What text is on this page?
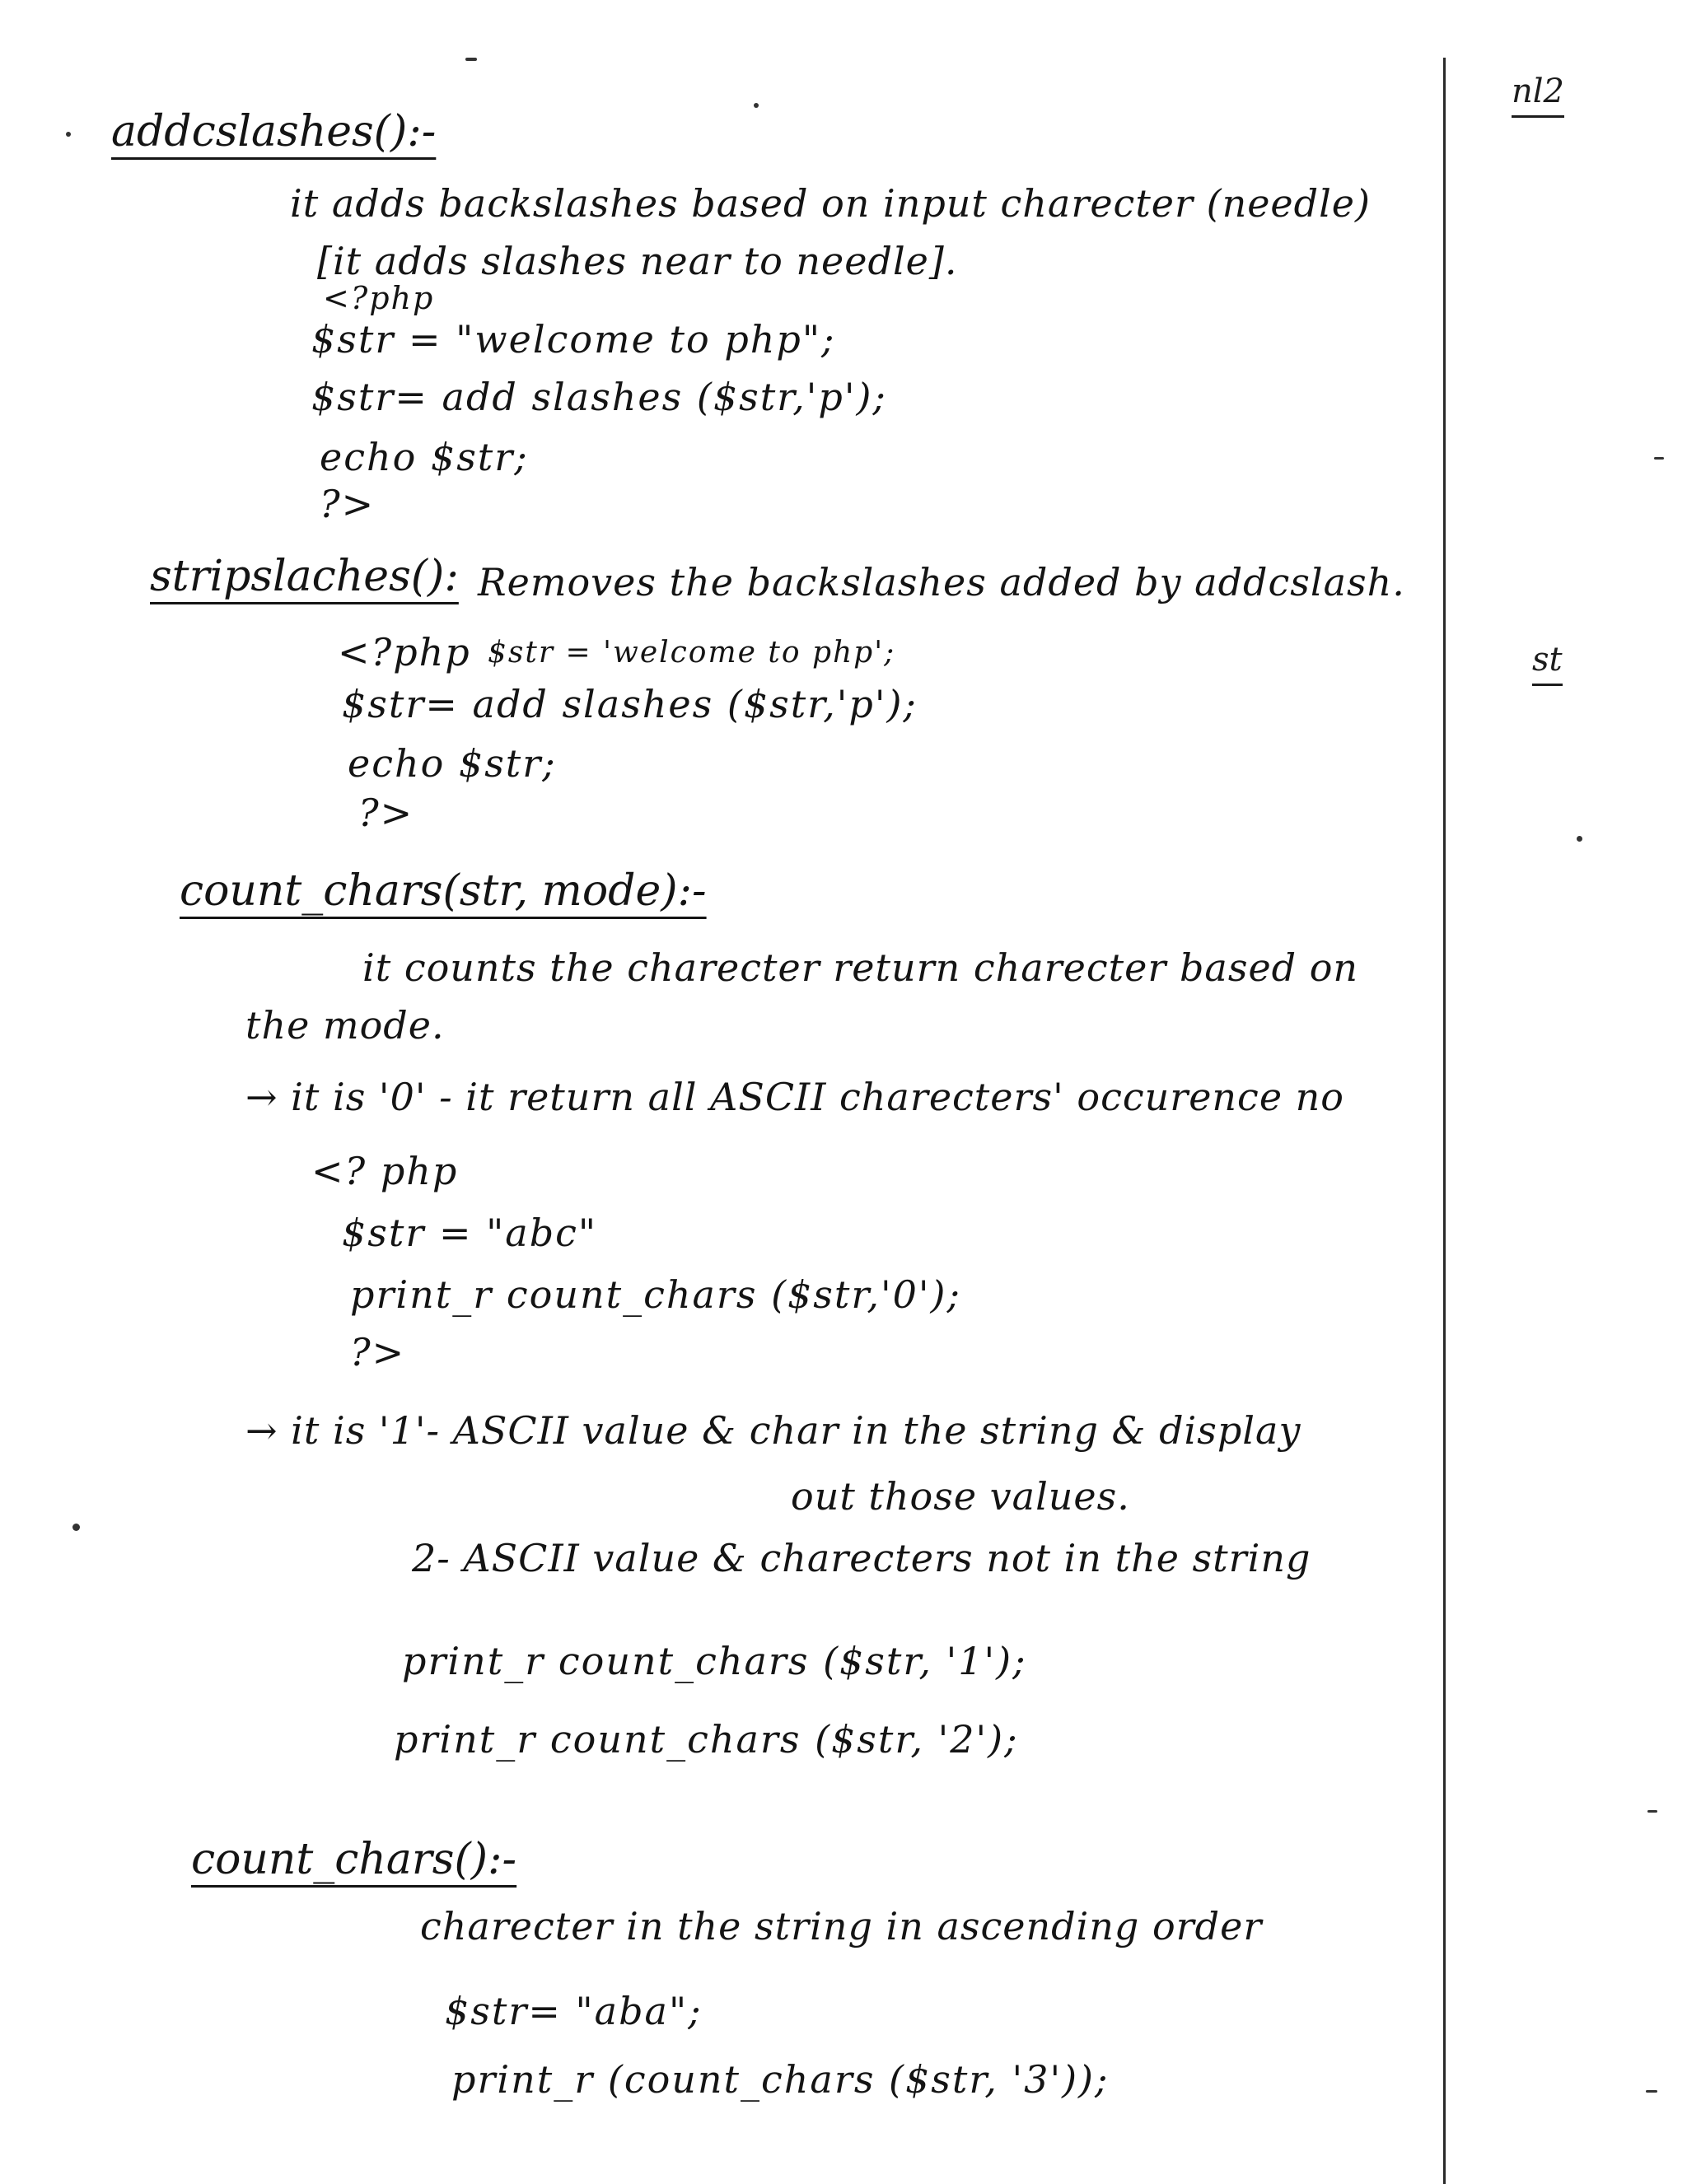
nl2
st
addcslashes():-
it adds backslashes based on input charecter (needle)
[it adds slashes near to needle].
<?php
$str = "welcome to php";
$str= add slashes ($str,'p');
echo $str;
?>
stripslaches(): Removes the backslashes added by addcslash.
<?php $str = 'welcome to php';
$str= add slashes ($str,'p');
echo $str;
?>
count_chars(str, mode):-
it counts the charecter return charecter based on
the mode.
→ it is '0' - it return all ASCII charecters' occurence no
<? php
$str = "abc"
print_r count_chars ($str,'0');
?>
→ it is '1'- ASCII value & char in the string & display
out those values.
2- ASCII value & charecters not in the string
print_r count_chars ($str, '1');
print_r count_chars ($str, '2');
count_chars():-
charecter in the string in ascending order
$str= "aba";
print_r (count_chars ($str, '3'));
